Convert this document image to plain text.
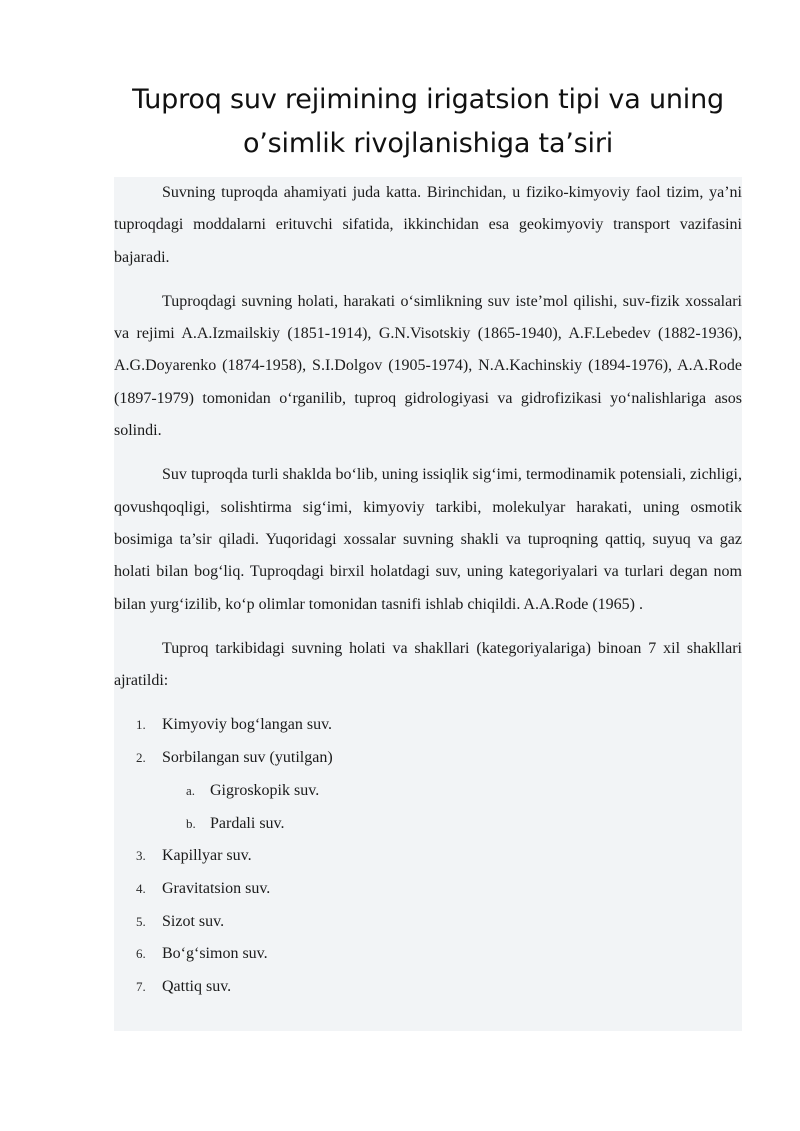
Tuproq suv rejimining irigatsion tipi va uning
o’simlik rivojlanishiga ta’siri

Suvning tuproqda ahamiyati juda katta. Birinchidan, u fiziko-kimyoviy faol tizim, ya’ni tuproqdagi moddalarni erituvchi sifatida, ikkinchidan esa geokimyoviy transport vazifasini bajaradi.

Tuproqdagi suvning holati, harakati o‘simlikning suv iste’mol qilishi, suv-fizik xossalari va rejimi A.A.Izmailskiy (1851-1914), G.N.Visotskiy (1865-1940), A.F.Lebedev (1882-1936), A.G.Doyarenko (1874-1958), S.I.Dolgov (1905-1974), N.A.Kachinskiy (1894-1976), A.A.Rode (1897-1979) tomonidan o‘rganilib, tuproq gidrologiyasi va gidrofizikasi yo‘nalishlariga asos solindi.

Suv tuproqda turli shaklda bo‘lib, uning issiqlik sig‘imi, termodinamik potensiali, zichligi, qovushqoqligi, solishtirma sig‘imi, kimyoviy tarkibi, molekulyar harakati, uning osmotik bosimiga ta’sir qiladi. Yuqoridagi xossalar suvning shakli va tuproqning qattiq, suyuq va gaz holati bilan bog‘liq. Tuproqdagi birxil holatdagi suv, uning kategoriyalari va turlari degan nom bilan yurg‘izilib, ko‘p olimlar tomonidan tasnifi ishlab chiqildi. A.A.Rode (1965) .

Tuproq tarkibidagi suvning holati va shakllari (kategoriyalariga) binoan 7 xil shakllari ajratildi:

1. Kimyoviy bog‘langan suv.
2. Sorbilangan suv (yutilgan)
a. Gigroskopik suv.
b. Pardali suv.
3. Kapillyar suv.
4. Gravitatsion suv.
5. Sizot suv.
6. Bo‘g‘simon suv.
7. Qattiq suv.
